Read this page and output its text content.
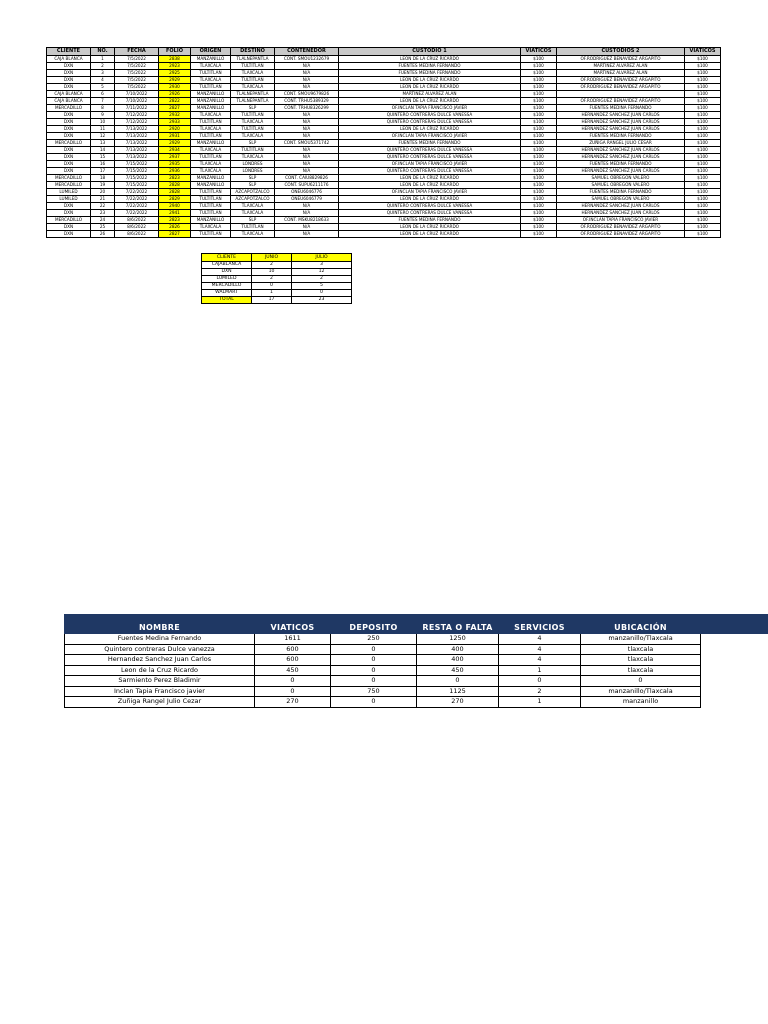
CLIENTE	NO.	FECHA	FOLIO	ORIGEN	DESTINO	CONTENEDOR	CUSTODIO 1	VIATICOS	CUSTODIOS 2	VIATICOS
CAJA BLANCA	1	7/5/2022	2838	MANZANILLO	TLALNEPANTLA	CONT. SMOU1232679	LEON DE LA CRUZ RICARDO	$100	OF.RODRIGUEZ BENAVIDEZ ARGAPITO	$100
DXN	2	7/5/2022	2923	TLAXCALA	TULTITLAN	N/A	FUENTES MEDINA FERNANDO	$100	MARTINEZ ALVAREZ ALAN	$100
DXN	3	7/5/2022	2925	TULTITLAN	TLAXCALA	N/A	FUENTES MEDINA FERNANDO	$100	MARTINEZ ALVAREZ ALAN	$100
DXN	4	7/5/2022	2929	TLAXCALA	TULTITLAN	N/A	LEON DE LA CRUZ RICARDO	$100	OF.RODRIGUEZ BENAVIDEZ ARGAPITO	$100
DXN	5	7/5/2022	2930	TULTITLAN	TLAXCALA	N/A	LEON DE LA CRUZ RICARDO	$100	OF.RODRIGUEZ BENAVIDEZ ARGAPITO	$100
CAJA BLANCA	6	7/10/2022	2926	MANZANILLO	TLALNEPANTLA	CONT. SMOU9679826	MARTINEZ ALVAREZ ALAN	$100		$100
CAJA BLANCA	7	7/10/2022	2822	MANZANILLO	TLALNEPANTLA	CONT. TRHU5389329	LEON DE LA CRUZ RICARDO	$100	OF.RODRIGUEZ BENAVIDEZ ARGAPITO	$100
MERCADILLO	8	7/11/2022	2827	MANZANILLO	SLP	CONT. TRHU8326299	OF.INCLAN TAPIA FRANCISCO JAVIER	$100	FUENTES MEDINA FERNANDO	$100
DXN	9	7/12/2022	2932	TLAXCALA	TULTITLAN	N/A	QUINTERO CONTRERAS DULCE VANESSA	$100	HERNANDEZ SANCHEZ JUAN CARLOS	$100
DXN	10	7/12/2022	2933	TULTITLAN	TLAXCALA	N/A	QUINTERO CONTRERAS DULCE VANESSA	$100	HERNANDEZ SANCHEZ JUAN CARLOS	$100
DXN	11	7/13/2022	2920	TLAXCALA	TULTITLAN	N/A	LEON DE LA CRUZ RICARDO	$100	HERNANDEZ SANCHEZ JUAN CARLOS	$100
DXN	12	7/13/2022	2931	TULTITLAN	TLAXCALA	N/A	OF.INCLAN TAPIA FRANCISCO JAVIER	$100	FUENTES MEDINA FERNANDO	$100
MERCADILLO	13	7/13/2022	2929	MANZANILLO	SLP	CONT. SMOU5371742	FUENTES MEDINA FERNANDO	$100	ZUÑIGA RANGEL JULIO CESAR	$100
DXN	14	7/13/2022	2934	TLAXCALA	TULTITLAN	N/A	QUINTERO CONTRERAS DULCE VANESSA	$100	HERNANDEZ SANCHEZ JUAN CARLOS	$100
DXN	15	7/13/2022	2937	TULTITLAN	TLAXCALA	N/A	QUINTERO CONTRERAS DULCE VANESSA	$100	HERNANDEZ SANCHEZ JUAN CARLOS	$100
DXN	16	7/15/2022	2935	TLAXCALA	LONDRES	N/A	OF.INCLAN TAPIA FRANCISCO JAVIER	$100	FUENTES MEDINA FERNANDO	$100
DXN	17	7/15/2022	2936	TLAXCALA	LONDRES	N/A	QUINTERO CONTRERAS DULCE VANESSA	$100	HERNANDEZ SANCHEZ JUAN CARLOS	$100
MERCADILLO	18	7/15/2022	2823	MANZANILLO	SLP	CONT. CAIU8829826	LEON DE LA CRUZ RICARDO	$100	SAMUEL OBREGON VALERO	$100
MERCADILLO	19	7/15/2022	2828	MANZANILLO	SLP	CONT. SUPU6211176	LEON DE LA CRUZ RICARDO	$100	SAMUEL OBREGON VALERO	$100
LUMILED	20	7/22/2022	2828	TULTITLAN	AZCAPOTZALCO	ONEU6046776	OF.INCLAN TAPIA FRANCISCO JAVIER	$100	FUENTES MEDINA FERNANDO	$100
LUMILED	21	7/22/2022	2829	TULTITLAN	AZCAPOTZALCO	ONEU6046779	LEON DE LA CRUZ RICARDO	$100	SAMUEL OBREGON VALERO	$100
DXN	22	7/22/2022	2940	TULTITLAN	TLAXCALA	N/A	QUINTERO CONTRERAS DULCE VANESSA	$100	HERNANDEZ SANCHEZ JUAN CARLOS	$100
DXN	23	7/22/2022	2941	TULTITLAN	TLAXCALA	N/A	QUINTERO CONTRERAS DULCE VANESSA	$100	HERNANDEZ SANCHEZ JUAN CARLOS	$100
MERCADILLO	24	8/6/2022	2823	MANZANILLO	SLP	CONT. MSKU8218633	FUENTES MEDINA FERNANDO	$100	OF.INCLAN TAPIA FRANCISCO JAVIER	$100
DXN	25	8/6/2022	2826	TLAXCALA	TULTITLAN	N/A	LEON DE LA CRUZ RICARDO	$100	OF.RODRIGUEZ BENAVIDEZ ARGAPITO	$100
DXN	26	8/6/2022	2827	TULTITLAN	TLAXCALA	N/A	LEON DE LA CRUZ RICARDO	$100	OF.RODRIGUEZ BENAVIDEZ ARGAPITO	$100
CLIENTE	JUNIO	JULIO
CAJABLANCA	2	3
DXN	10	12
LUMILED	2	2
MERCADILLO	0	5
WALMART	1	0
TOTAL	17	23
NOMBRE	VIATICOS	DEPOSITO	RESTA O FALTA	SERVICIOS	UBICACIÓN
Fuentes Medina Fernando	1611	250	1250	4	manzanillo/Tlaxcala
Quintero contreras Dulce vanezza	600	0	400	4	tlaxcala
Hernandez Sanchez Juan Carlos	600	0	400	4	tlaxcala
Leon de la Cruz Ricardo	450	0	450	1	tlaxcala
Sarmiento Perez Bladimir	0	0	0	0	0
Inclan Tapia Francisco javier	0	750	1125	2	manzanillo/Tlaxcala
Zuñiga Rangel Julio Cezar	270	0	270	1	manzanillo
